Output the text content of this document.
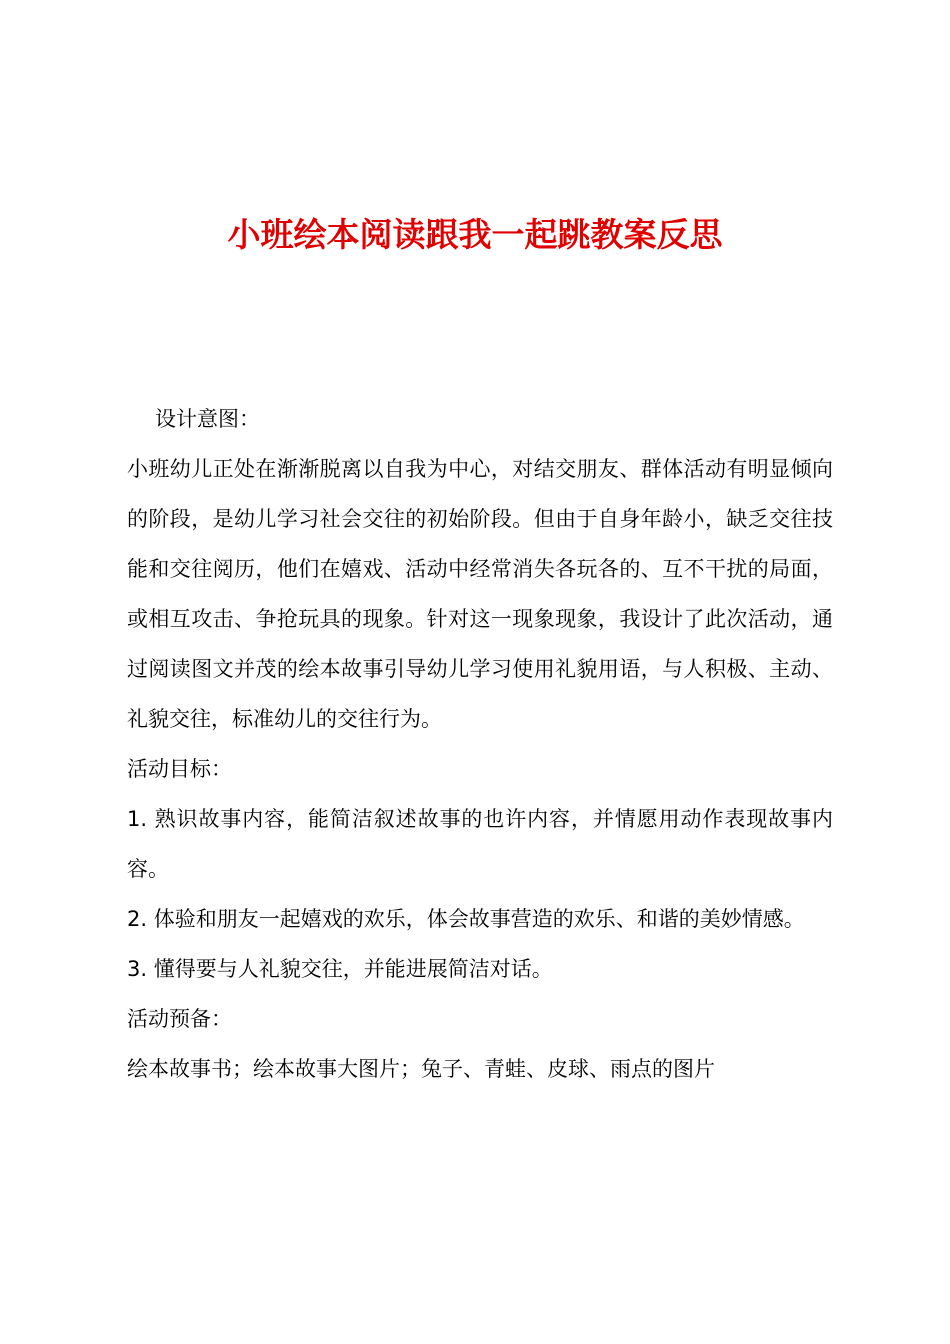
小班绘本阅读跟我一起跳教案反思

设计意图：

小班幼儿正处在渐渐脱离以自我为中心，对结交朋友、群体活动有明显倾向的阶段，是幼儿学习社会交往的初始阶段。但由于自身年龄小，缺乏交往技能和交往阅历，他们在嬉戏、活动中经常消失各玩各的、互不干扰的局面，或相互攻击、争抢玩具的现象。针对这一现象现象，我设计了此次活动，通过阅读图文并茂的绘本故事引导幼儿学习使用礼貌用语，与人积极、主动、礼貌交往，标准幼儿的交往行为。

活动目标：

1. 熟识故事内容，能简洁叙述故事的也许内容，并情愿用动作表现故事内容。

2. 体验和朋友一起嬉戏的欢乐，体会故事营造的欢乐、和谐的美妙情感。

3. 懂得要与人礼貌交往，并能进展简洁对话。

活动预备：

绘本故事书；绘本故事大图片；兔子、青蛙、皮球、雨点的图片
